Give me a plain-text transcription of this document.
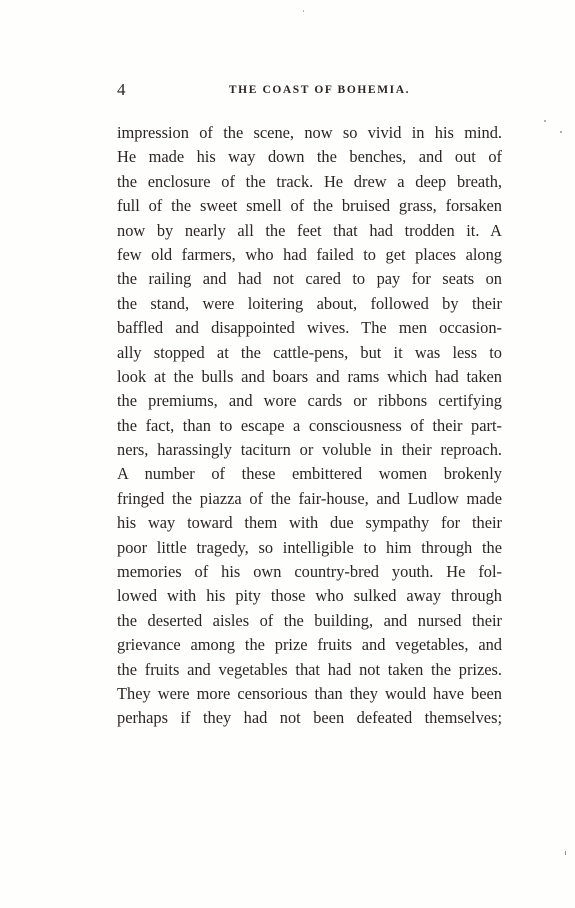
4	THE COAST OF BOHEMIA.
impression of the scene, now so vivid in his mind.
He made his way down the benches, and out of
the enclosure of the track. He drew a deep breath,
full of the sweet smell of the bruised grass, forsaken
now by nearly all the feet that had trodden it. A
few old farmers, who had failed to get places along
the railing and had not cared to pay for seats on
the stand, were loitering about, followed by their
baffled and disappointed wives. The men occasion-
ally stopped at the cattle-pens, but it was less to
look at the bulls and boars and rams which had taken
the premiums, and wore cards or ribbons certifying
the fact, than to escape a consciousness of their part-
ners, harassingly taciturn or voluble in their reproach.
A number of these embittered women brokenly
fringed the piazza of the fair-house, and Ludlow made
his way toward them with due sympathy for their
poor little tragedy, so intelligible to him through the
memories of his own country-bred youth. He fol-
lowed with his pity those who sulked away through
the deserted aisles of the building, and nursed their
grievance among the prize fruits and vegetables, and
the fruits and vegetables that had not taken the prizes.
They were more censorious than they would have been
perhaps if they had not been defeated themselves;
